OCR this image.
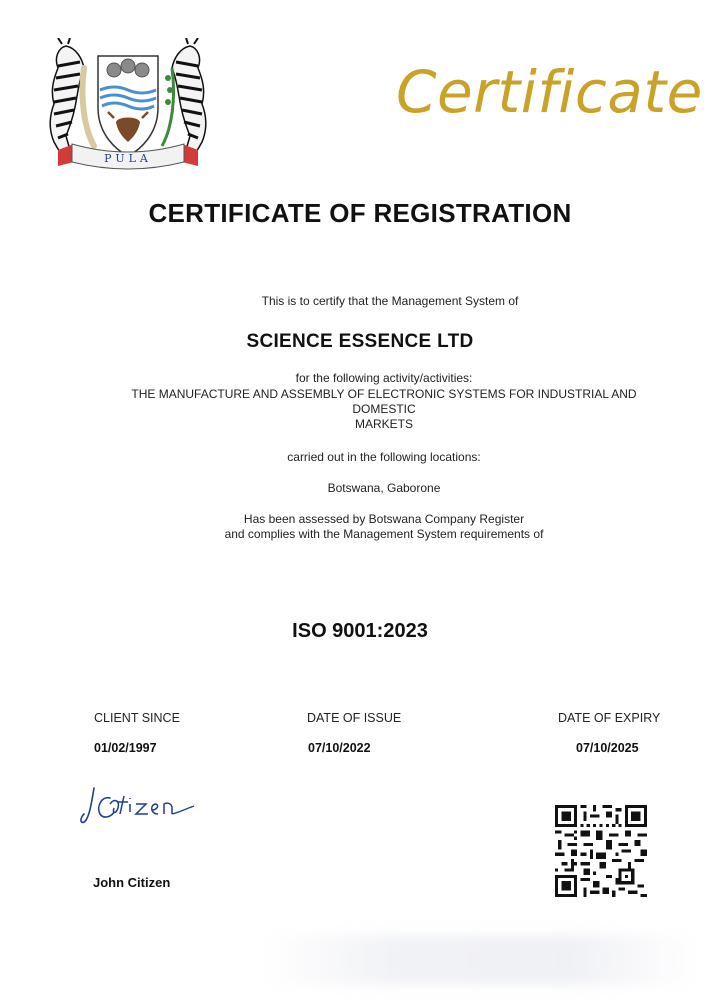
PULA
Certificate
CERTIFICATE OF REGISTRATION
This is to certify that the Management System of
SCIENCE ESSENCE LTD
for the following activity/activities:
THE MANUFACTURE AND ASSEMBLY OF ELECTRONIC SYSTEMS FOR INDUSTRIAL AND
DOMESTIC
MARKETS
carried out in the following locations:
Botswana, Gaborone
Has been assessed by Botswana Company Register
and complies with the Management System requirements of
ISO 9001:2023
CLIENT SINCE
01/02/1997
DATE OF ISSUE
07/10/2022
DATE OF EXPIRY
07/10/2025
John Citizen
